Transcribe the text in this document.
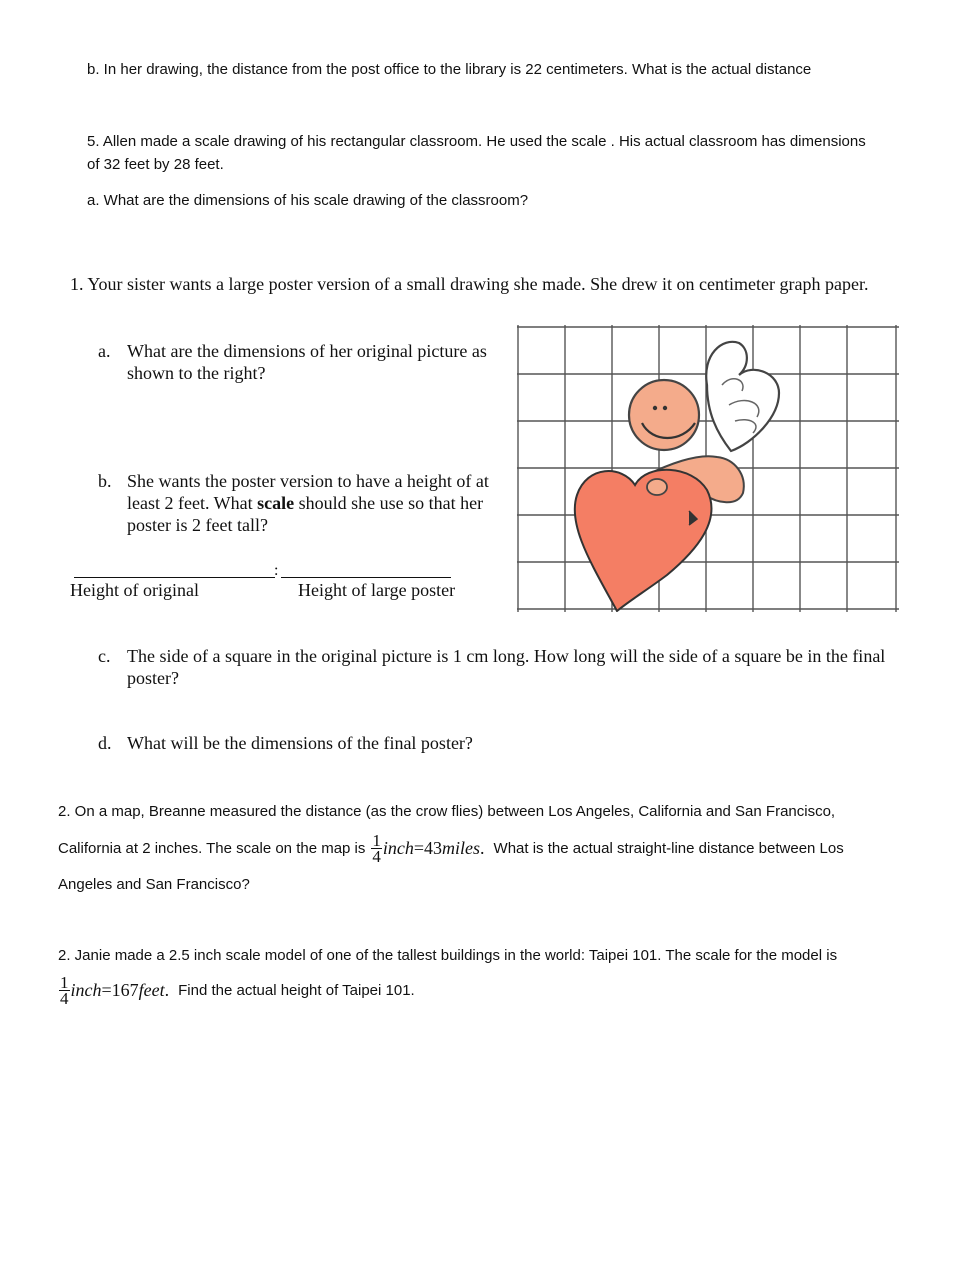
b. In her drawing, the distance from the post office to the library is 22 centimeters. What is the actual distance
5. Allen made a scale drawing of his rectangular classroom. He used the scale . His actual classroom has dimensions
of 32 feet by 28 feet.
a. What are the dimensions of his scale drawing of the classroom?
1. Your sister wants a large poster version of a small drawing she made. She drew it on centimeter graph paper.
a. What are the dimensions of her original picture as shown to the right?
b. She wants the poster version to have a height of at least 2 feet. What scale should she use so that her poster is 2 feet tall?
:
Height of original	Height of large poster
c. The side of a square in the original picture is 1 cm long. How long will the side of a square be in the final poster?
d. What will be the dimensions of the final poster?
2. On a map, Breanne measured the distance (as the crow flies) between Los Angeles, California and San Francisco,
California at 2 inches. The scale on the map is $\frac{1}{4}$ inch=43miles . What is the actual straight-line distance between Los
Angeles and San Francisco?
2. Janie made a 2.5 inch scale model of one of the tallest buildings in the world: Taipei 101. The scale for the model is
$\frac{1}{4}$ inch=167feet . Find the actual height of Taipei 101.
